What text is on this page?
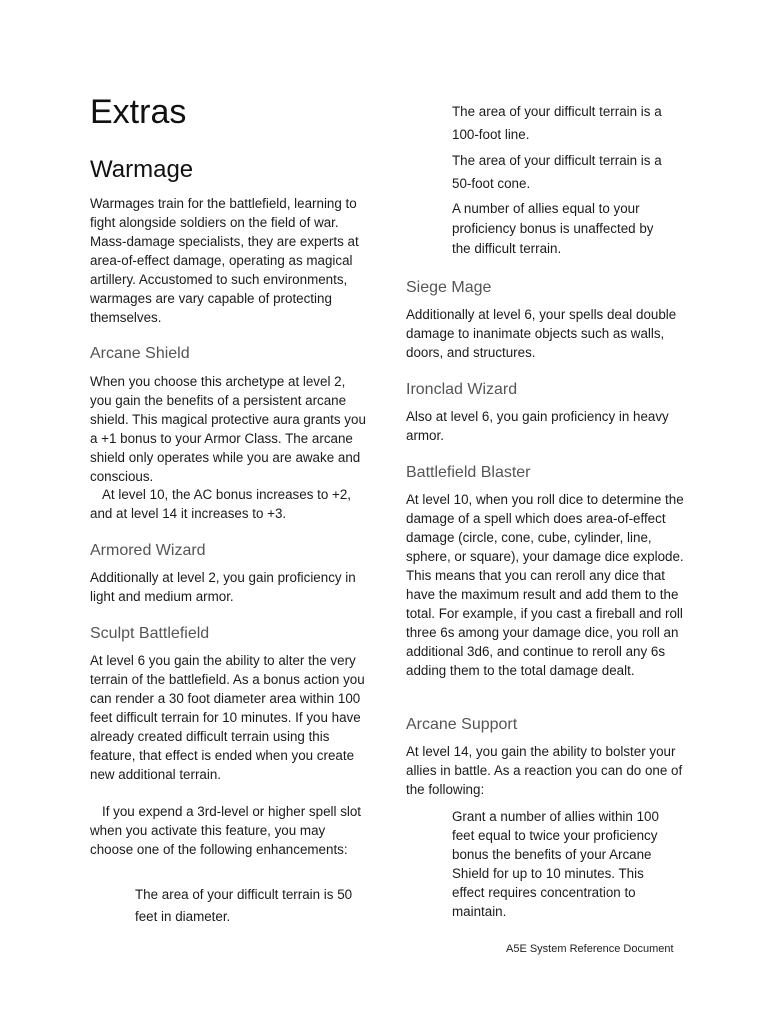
Extras
Warmage

Warmages train for the battlefield, learning to fight alongside soldiers on the field of war. Mass-damage specialists, they are experts at area-of-effect damage, operating as magical artillery. Accustomed to such environments, warmages are vary capable of protecting themselves.

Arcane Shield

When you choose this archetype at level 2, you gain the benefits of a persistent arcane shield. This magical protective aura grants you a +1 bonus to your Armor Class. The arcane shield only operates while you are awake and conscious.

At level 10, the AC bonus increases to +2, and at level 14 it increases to +3.

Armored Wizard

Additionally at level 2, you gain proficiency in light and medium armor.

Sculpt Battlefield

At level 6 you gain the ability to alter the very terrain of the battlefield. As a bonus action you can render a 30 foot diameter area within 100 feet difficult terrain for 10 minutes. If you have already created difficult terrain using this feature, that effect is ended when you create new additional terrain.

If you expend a 3rd-level or higher spell slot when you activate this feature, you may choose one of the following enhancements:

The area of your difficult terrain is 50 feet in diameter.

The area of your difficult terrain is a 100-foot line.

The area of your difficult terrain is a 50-foot cone.

A number of allies equal to your proficiency bonus is unaffected by the difficult terrain.

Siege Mage

Additionally at level 6, your spells deal double damage to inanimate objects such as walls, doors, and structures.

Ironclad Wizard

Also at level 6, you gain proficiency in heavy armor.

Battlefield Blaster

At level 10, when you roll dice to determine the damage of a spell which does area-of-effect damage (circle, cone, cube, cylinder, line, sphere, or square), your damage dice explode. This means that you can reroll any dice that have the maximum result and add them to the total. For example, if you cast a fireball and roll three 6s among your damage dice, you roll an additional 3d6, and continue to reroll any 6s adding them to the total damage dealt.

Arcane Support

At level 14, you gain the ability to bolster your allies in battle. As a reaction you can do one of the following:

Grant a number of allies within 100 feet equal to twice your proficiency bonus the benefits of your Arcane Shield for up to 10 minutes. This effect requires concentration to maintain.

A5E System Reference Document
